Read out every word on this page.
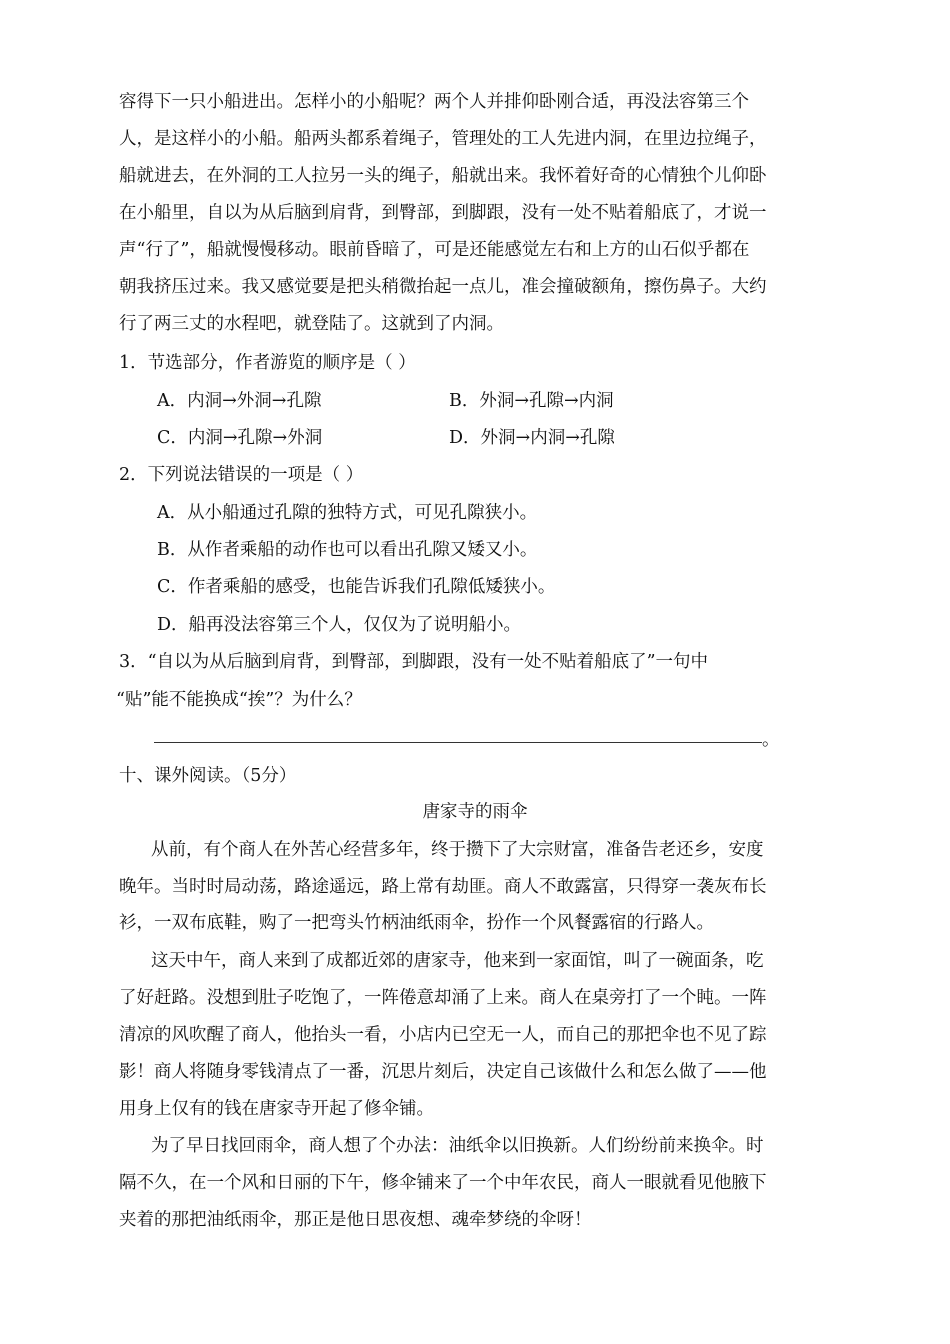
容得下一只小船进出。怎样小的小船呢？两个人并排仰卧刚合适，再没法容第三个
人，是这样小的小船。船两头都系着绳子，管理处的工人先进内洞，在里边拉绳子，
船就进去，在外洞的工人拉另一头的绳子，船就出来。我怀着好奇的心情独个儿仰卧
在小船里，自以为从后脑到肩背，到臀部，到脚跟，没有一处不贴着船底了，才说一
声“行了”，船就慢慢移动。眼前昏暗了，可是还能感觉左右和上方的山石似乎都在
朝我挤压过来。我又感觉要是把头稍微抬起一点儿，准会撞破额角，擦伤鼻子。大约
行了两三丈的水程吧，就登陆了。这就到了内洞。
1．节选部分，作者游览的顺序是（ ）
A．内洞→外洞→孔隙	B．外洞→孔隙→内洞
C．内洞→孔隙→外洞	D．外洞→内洞→孔隙
2．下列说法错误的一项是（ ）
A．从小船通过孔隙的独特方式，可见孔隙狭小。
B．从作者乘船的动作也可以看出孔隙又矮又小。
C．作者乘船的感受，也能告诉我们孔隙低矮狭小。
D．船再没法容第三个人，仅仅为了说明船小。
3．“自以为从后脑到肩背，到臀部，到脚跟，没有一处不贴着船底了”一句中
“贴”能不能换成“挨”？为什么？
。
十、课外阅读。（5分）
唐家寺的雨伞
从前，有个商人在外苦心经营多年，终于攒下了大宗财富，准备告老还乡，安度
晚年。当时时局动荡，路途遥远，路上常有劫匪。商人不敢露富，只得穿一袭灰布长
衫，一双布底鞋，购了一把弯头竹柄油纸雨伞，扮作一个风餐露宿的行路人。
这天中午，商人来到了成都近郊的唐家寺，他来到一家面馆，叫了一碗面条，吃
了好赶路。没想到肚子吃饱了，一阵倦意却涌了上来。商人在桌旁打了一个盹。一阵
清凉的风吹醒了商人，他抬头一看，小店内已空无一人，而自己的那把伞也不见了踪
影！商人将随身零钱清点了一番，沉思片刻后，决定自己该做什么和怎么做了——他
用身上仅有的钱在唐家寺开起了修伞铺。
为了早日找回雨伞，商人想了个办法：油纸伞以旧换新。人们纷纷前来换伞。时
隔不久，在一个风和日丽的下午，修伞铺来了一个中年农民，商人一眼就看见他腋下
夹着的那把油纸雨伞，那正是他日思夜想、魂牵梦绕的伞呀！
